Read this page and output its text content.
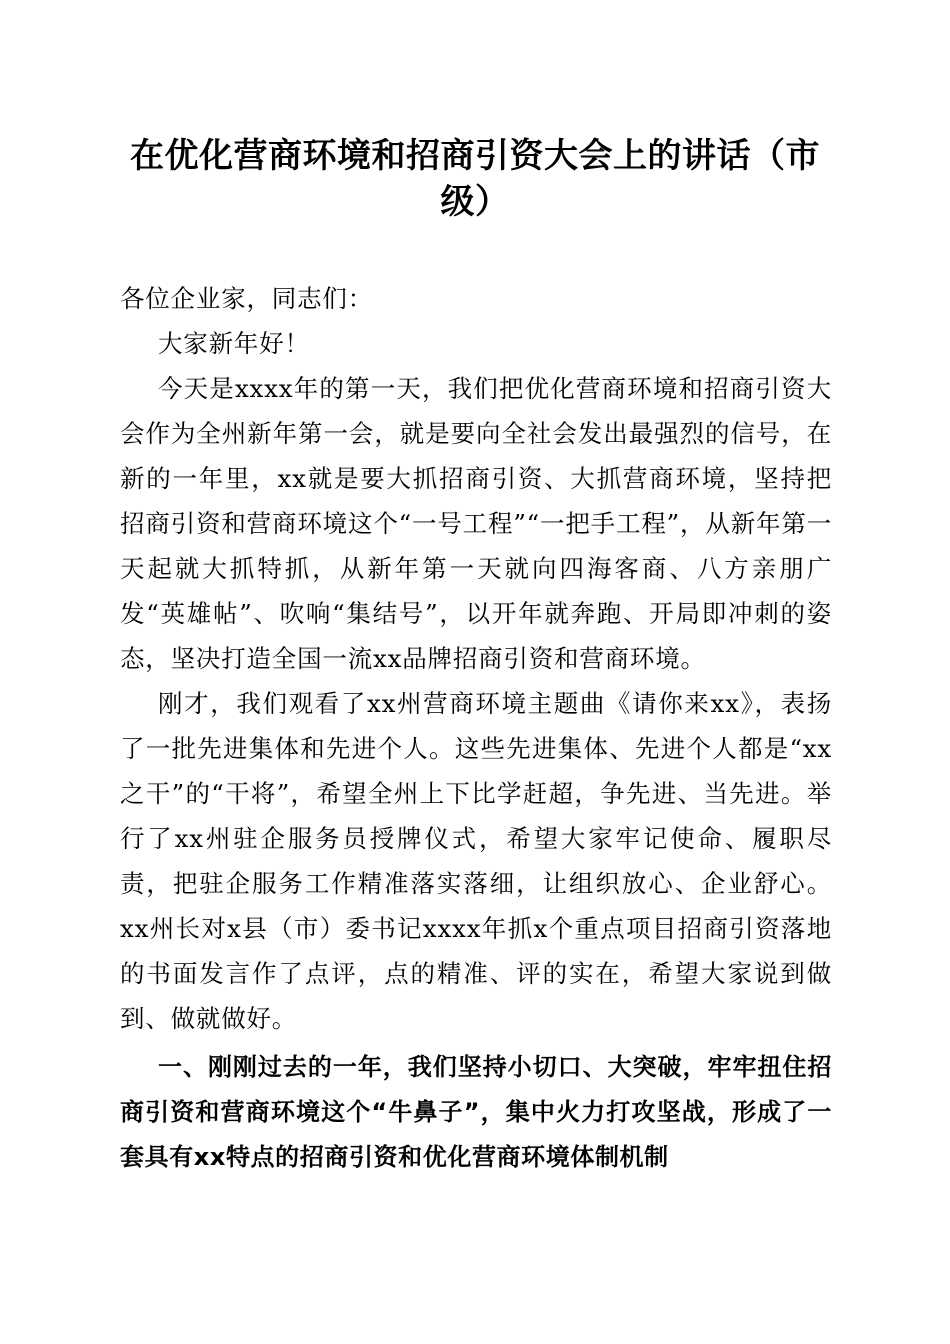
在优化营商环境和招商引资大会上的讲话（市级）

各位企业家，同志们：

大家新年好！

今天是xxxx年的第一天，我们把优化营商环境和招商引资大会作为全州新年第一会，就是要向全社会发出最强烈的信号，在新的一年里，xx就是要大抓招商引资、大抓营商环境，坚持把招商引资和营商环境这个“一号工程”“一把手工程”，从新年第一天起就大抓特抓，从新年第一天就向四海客商、八方亲朋广发“英雄帖”、吹响“集结号”，以开年就奔跑、开局即冲刺的姿态，坚决打造全国一流xx品牌招商引资和营商环境。

刚才，我们观看了xx州营商环境主题曲《请你来xx》，表扬了一批先进集体和先进个人。这些先进集体、先进个人都是“xx之干”的“干将”，希望全州上下比学赶超，争先进、当先进。举行了xx州驻企服务员授牌仪式，希望大家牢记使命、履职尽责，把驻企服务工作精准落实落细，让组织放心、企业舒心。xx州长对x县（市）委书记xxxx年抓x个重点项目招商引资落地的书面发言作了点评，点的精准、评的实在，希望大家说到做到、做就做好。

一、刚刚过去的一年，我们坚持小切口、大突破，牢牢扭住招商引资和营商环境这个“牛鼻子”，集中火力打攻坚战，形成了一套具有xx特点的招商引资和优化营商环境体制机制
